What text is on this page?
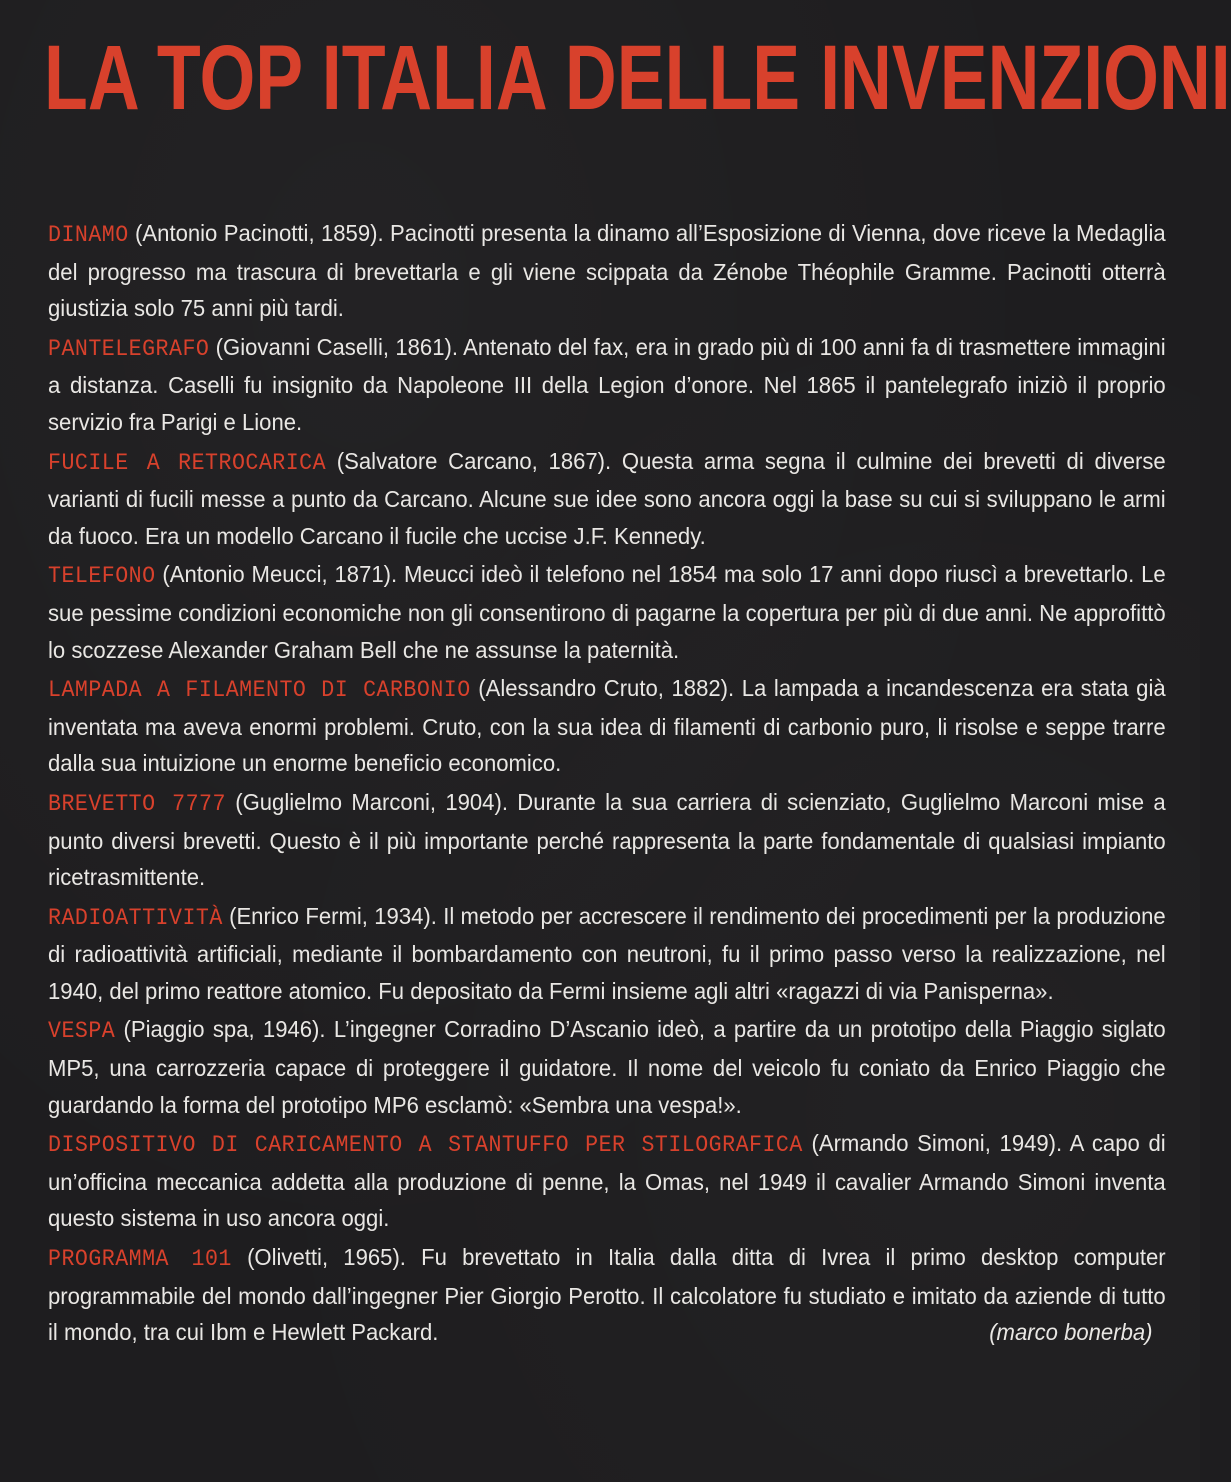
LA TOP ITALIA DELLE INVENZIONI

DINAMO (Antonio Pacinotti, 1859). Pacinotti presenta la dinamo all’Esposizione di Vienna, dove riceve la Medaglia del progresso ma trascura di brevettarla e gli viene scippata da Zénobe Théophile Gramme. Pacinotti otterrà giustizia solo 75 anni più tardi.

PANTELEGRAFO (Giovanni Caselli, 1861). Antenato del fax, era in grado più di 100 anni fa di trasmettere immagini a distanza. Caselli fu insignito da Napoleone III della Legion d’onore. Nel 1865 il pantelegrafo iniziò il proprio servizio fra Parigi e Lione.

FUCILE A RETROCARICA (Salvatore Carcano, 1867). Questa arma segna il culmine dei brevetti di diverse varianti di fucili messe a punto da Carcano. Alcune sue idee sono ancora oggi la base su cui si sviluppano le armi da fuoco. Era un modello Carcano il fucile che uccise J.F. Kennedy.

TELEFONO (Antonio Meucci, 1871). Meucci ideò il telefono nel 1854 ma solo 17 anni dopo riuscì a brevettarlo. Le sue pessime condizioni economiche non gli consentirono di pagarne la copertura per più di due anni. Ne approfittò lo scozzese Alexander Graham Bell che ne assunse la paternità.

LAMPADA A FILAMENTO DI CARBONIO (Alessandro Cruto, 1882). La lampada a incandescenza era stata già inventata ma aveva enormi problemi. Cruto, con la sua idea di filamenti di carbonio puro, li risolse e seppe trarre dalla sua intuizione un enorme beneficio economico.

BREVETTO 7777 (Guglielmo Marconi, 1904). Durante la sua carriera di scienziato, Guglielmo Marconi mise a punto diversi brevetti. Questo è il più importante perché rappresenta la parte fondamentale di qualsiasi impianto ricetrasmittente.

RADIOATTIVITÀ (Enrico Fermi, 1934). Il metodo per accrescere il rendimento dei procedimenti per la produzione di radioattività artificiali, mediante il bombardamento con neutroni, fu il primo passo verso la realizzazione, nel 1940, del primo reattore atomico. Fu depositato da Fermi insieme agli altri «ragazzi di via Panisperna».

VESPA (Piaggio spa, 1946). L’ingegner Corradino D’Ascanio ideò, a partire da un prototipo della Piaggio siglato MP5, una carrozzeria capace di proteggere il guidatore. Il nome del veicolo fu coniato da Enrico Piaggio che guardando la forma del prototipo MP6 esclamò: «Sembra una vespa!».

DISPOSITIVO DI CARICAMENTO A STANTUFFO PER STILOGRAFICA (Armando Simoni, 1949). A capo di un’officina meccanica addetta alla produzione di penne, la Omas, nel 1949 il cavalier Armando Simoni inventa questo sistema in uso ancora oggi.

PROGRAMMA 101 (Olivetti, 1965). Fu brevettato in Italia dalla ditta di Ivrea il primo desktop computer programmabile del mondo dall’ingegner Pier Giorgio Perotto. Il calcolatore fu studiato e imitato da aziende di tutto il mondo, tra cui Ibm e Hewlett Packard.	(marco bonerba)
